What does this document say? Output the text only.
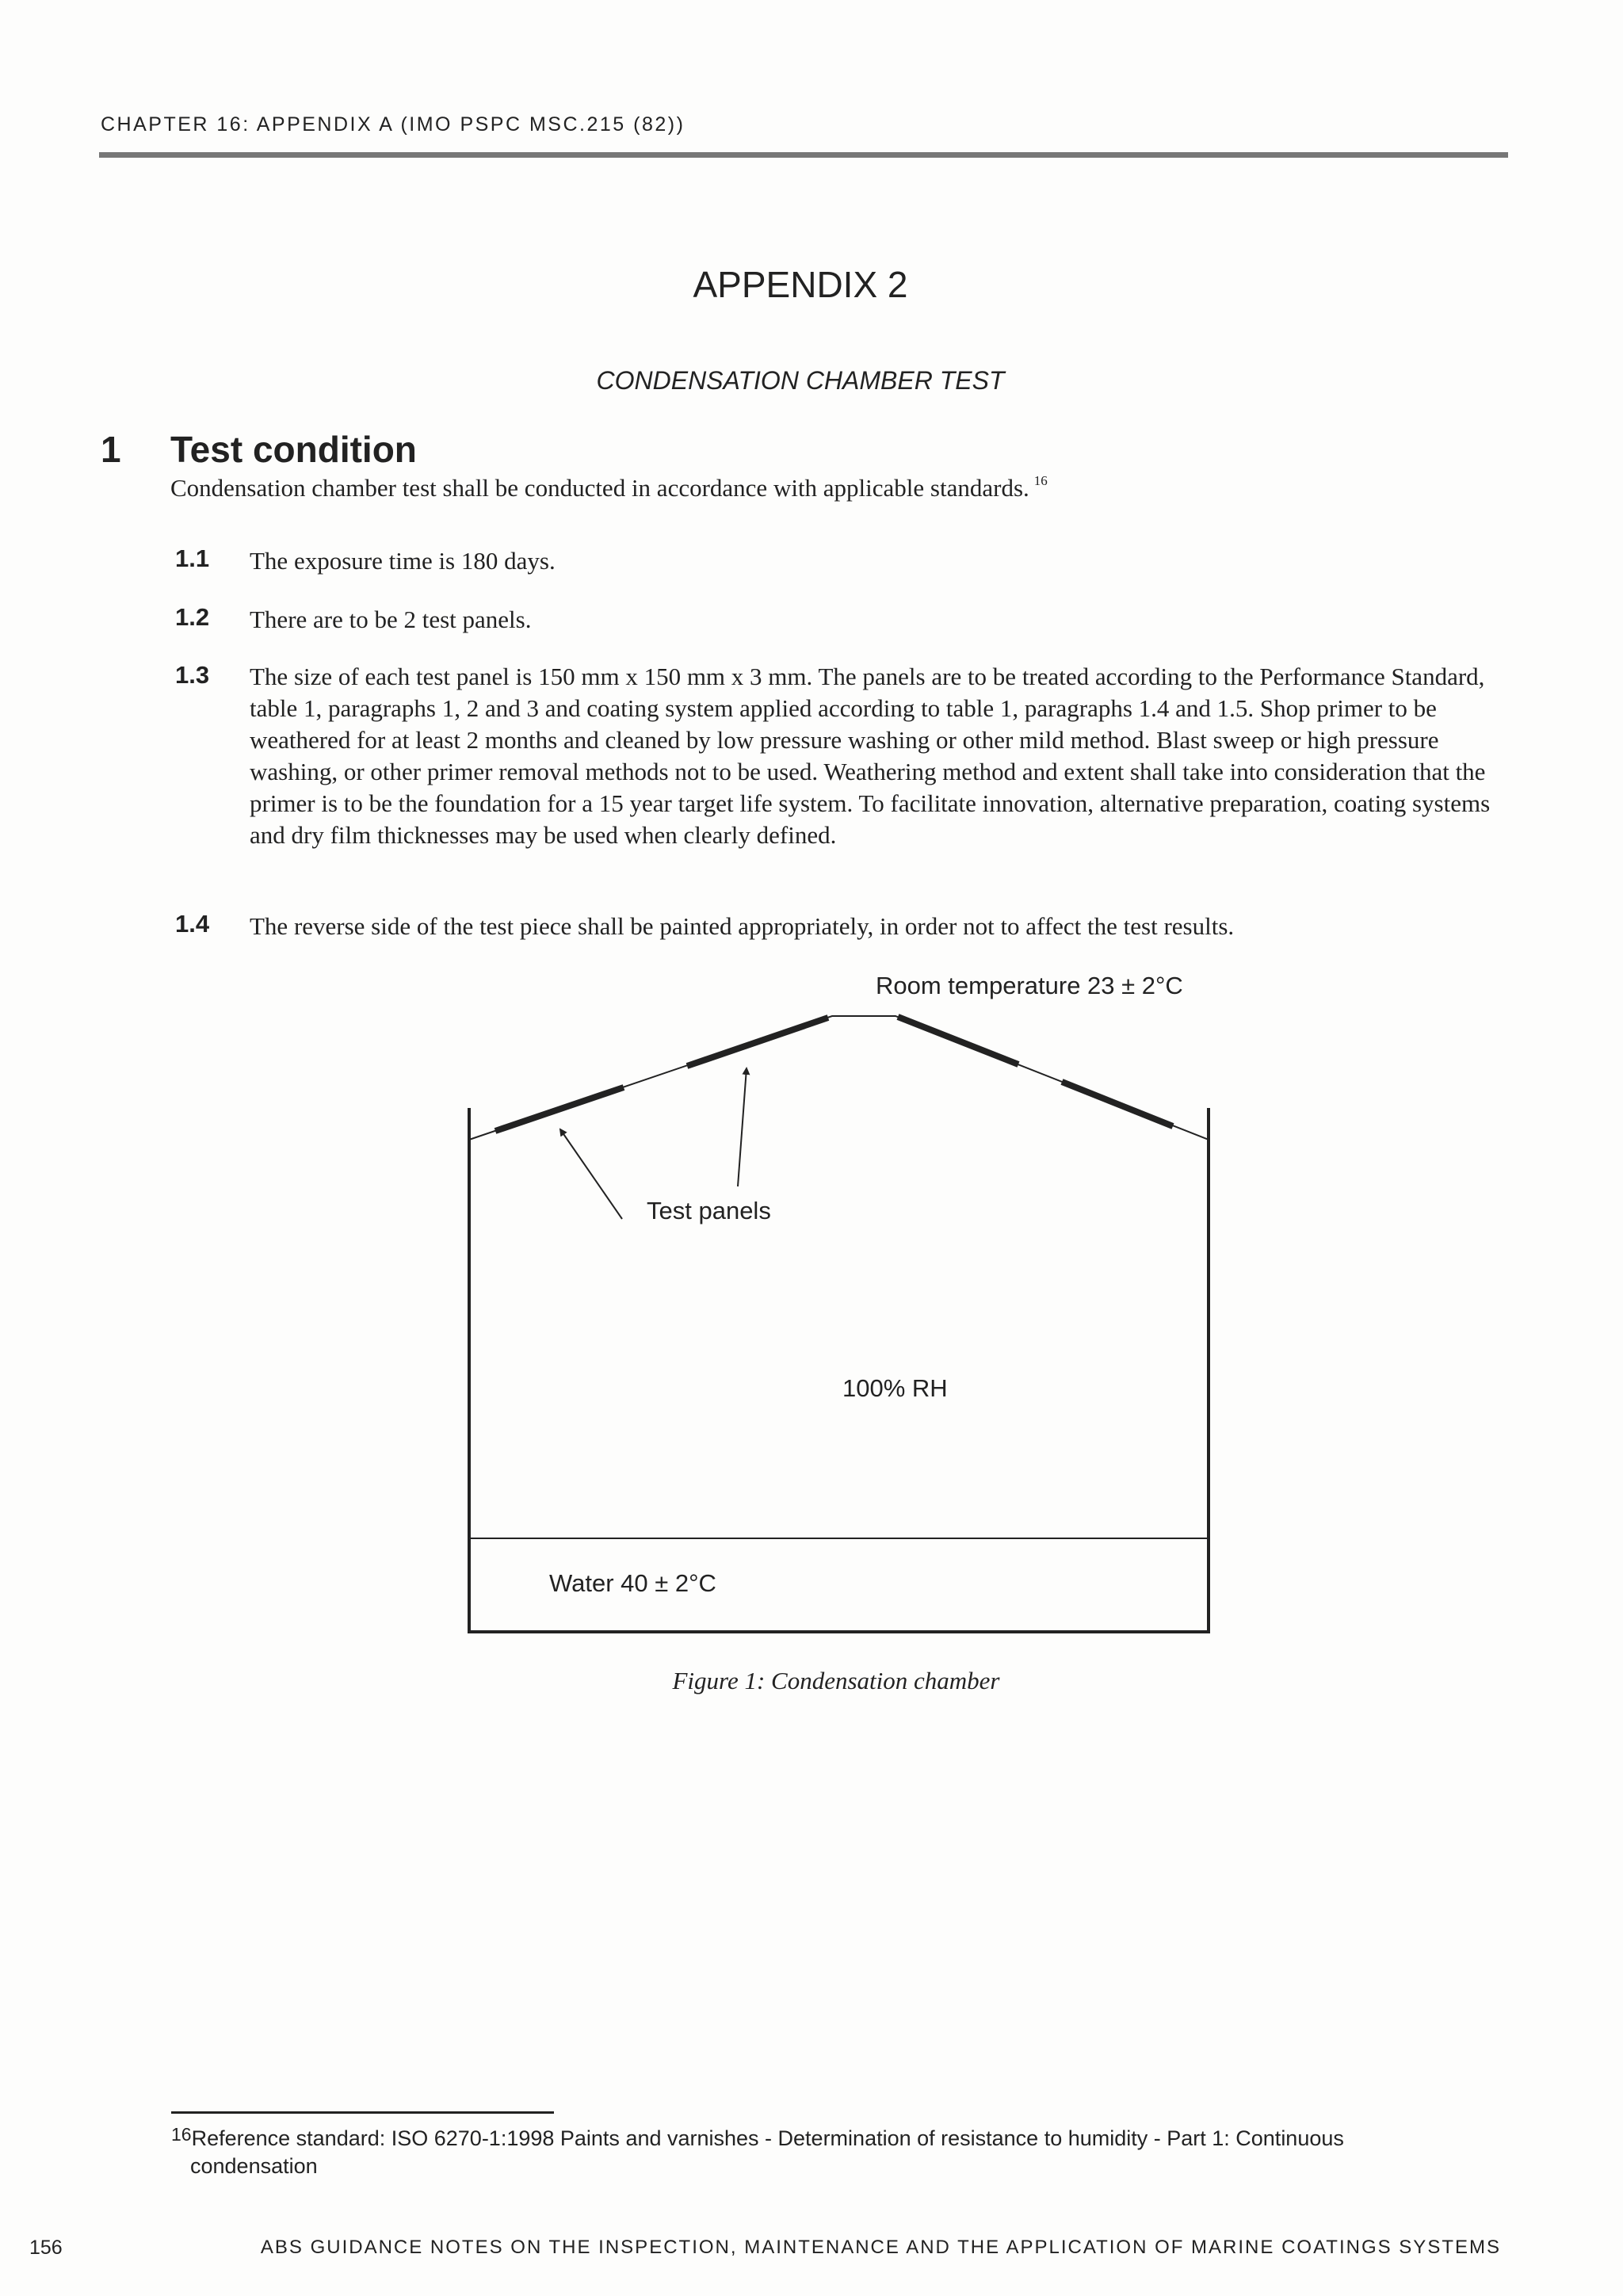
CHAPTER 16: APPENDIX A (IMO PSPC MSC.215 (82))
APPENDIX 2
CONDENSATION CHAMBER TEST
1 Test condition
Condensation chamber test shall be conducted in accordance with applicable standards. $^{16}$
1.1 The exposure time is 180 days.
1.2 There are to be 2 test panels.
1.3 The size of each test panel is 150 mm x 150 mm x 3 mm. The panels are to be treated according to the Performance Standard, table 1, paragraphs 1, 2 and 3 and coating system applied according to table 1, paragraphs 1.4 and 1.5. Shop primer to be weathered for at least 2 months and cleaned by low pressure washing or other mild method. Blast sweep or high pressure washing, or other primer removal methods not to be used. Weathering method and extent shall take into consideration that the primer is to be the foundation for a 15 year target life system. To facilitate innovation, alternative preparation, coating systems and dry film thicknesses may be used when clearly defined.
1.4 The reverse side of the test piece shall be painted appropriately, in order not to affect the test results.
Room temperature 23 ± 2°C
Test panels
100% RH
Water 40 ± 2°C
Figure 1: Condensation chamber
16Reference standard: ISO 6270-1:1998 Paints and varnishes - Determination of resistance to humidity - Part 1: Continuous
condensation
156	ABS GUIDANCE NOTES ON THE INSPECTION, MAINTENANCE AND THE APPLICATION OF MARINE COATINGS SYSTEMS
